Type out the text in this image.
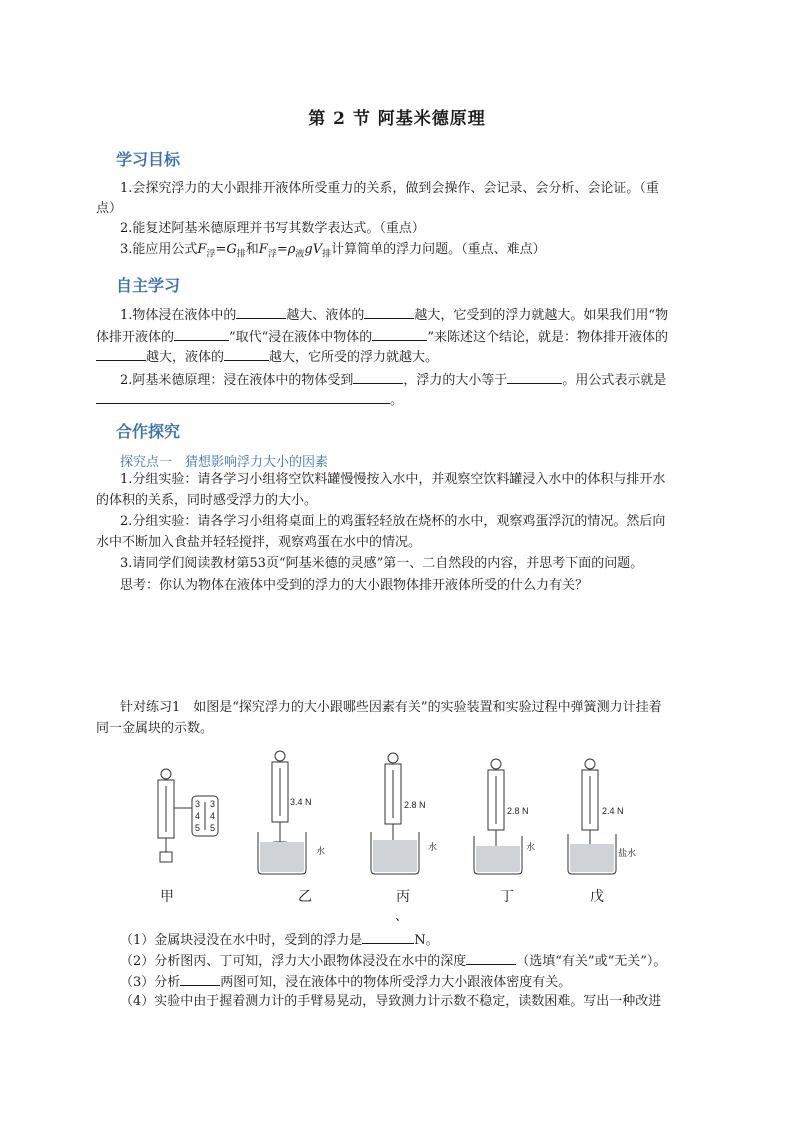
第 2 节 阿基米德原理
学习目标
1.会探究浮力的大小跟排开液体所受重力的关系，做到会操作、会记录、会分析、会论证。（重
点）
2.能复述阿基米德原理并书写其数学表达式。（重点）
3.能应用公式$F_浮=G_排$和$F_浮=\rho_液gV_排$计算简单的浮力问题。（重点、难点）
自主学习
1.物体浸在液体中的	越大、液体的	越大，它受到的浮力就越大。如果我们用“物
体排开液体的	”取代“浸在液体中物体的	”来陈述这个结论，就是：物体排开液体的
越大，液体的	越大，它所受的浮力就越大。
2.阿基米德原理：浸在液体中的物体受到	，浮力的大小等于	。用公式表示就是
。
合作探究
探究点一　猜想影响浮力大小的因素
1.分组实验：请各学习小组将空饮料罐慢慢按入水中，并观察空饮料罐浸入水中的体积与排开水
的体积的关系，同时感受浮力的大小。
2.分组实验：请各学习小组将桌面上的鸡蛋轻轻放在烧杯的水中，观察鸡蛋浮沉的情况。然后向
水中不断加入食盐并轻轻搅拌，观察鸡蛋在水中的情况。
3.请同学们阅读教材第53页“阿基米德的灵感”第一、二自然段的内容，并思考下面的问题。
思考：你认为物体在液体中受到的浮力的大小跟物体排开液体所受的什么力有关？
针对练习1　如图是“探究浮力的大小跟哪些因素有关”的实验装置和实验过程中弹簧测力计挂着
同一金属块的示数。
3
4
5
3
4
5
3.4 N	2.8 N
2.8 N	2.4 N
水	水	水
盐水
甲	乙	丙	丁	戊
、
（1）金属块浸没在水中时，受到的浮力是	N。
（2）分析图丙、丁可知，浮力大小跟物体浸没在水中的深度	（选填“有关”或“无关”）。
（3）分析	两图可知，浸在液体中的物体所受浮力大小跟液体密度有关。
（4）实验中由于握着测力计的手臂易晃动，导致测力计示数不稳定，读数困难。写出一种改进
